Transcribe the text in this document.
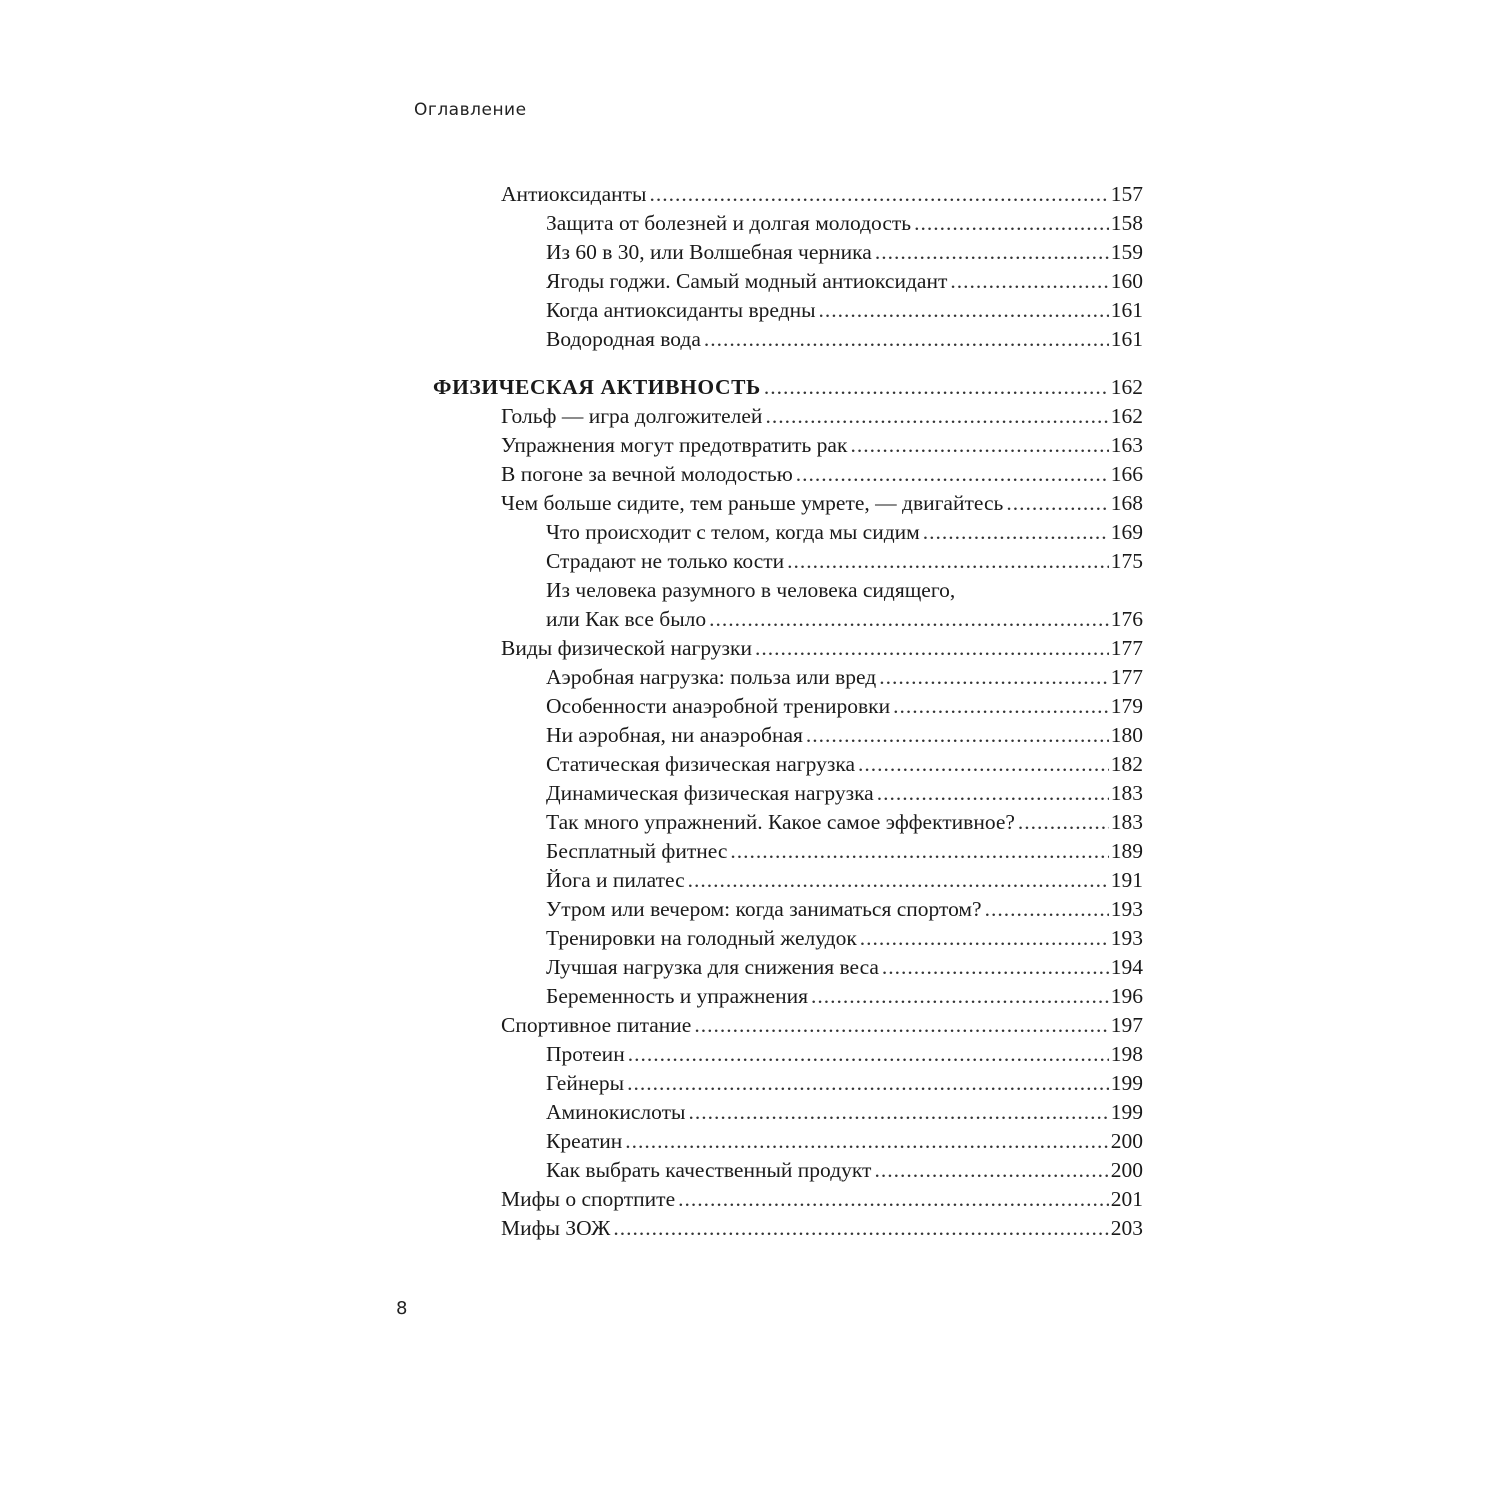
Оглавление
Антиоксиданты .....	157
Защита от болезней и долгая молодость .....	158
Из 60 в 30, или Волшебная черника .....	159
Ягоды годжи. Самый модный антиоксидант .....	160
Когда антиоксиданты вредны .....	161
Водородная вода .....	161
ФИЗИЧЕСКАЯ АКТИВНОСТЬ .....	162
Гольф — игра долгожителей .....	162
Упражнения могут предотвратить рак .....	163
В погоне за вечной молодостью .....	166
Чем больше сидите, тем раньше умрете, — двигайтесь .....	168
Что происходит с телом, когда мы сидим .....	169
Страдают не только кости .....	175
Из человека разумного в человека сидящего,
или Как все было .....	176
Виды физической нагрузки .....	177
Аэробная нагрузка: польза или вред .....	177
Особенности анаэробной тренировки .....	179
Ни аэробная, ни анаэробная .....	180
Статическая физическая нагрузка .....	182
Динамическая физическая нагрузка .....	183
Так много упражнений. Какое самое эффективное? .....	183
Бесплатный фитнес .....	189
Йога и пилатес .....	191
Утром или вечером: когда заниматься спортом? .....	193
Тренировки на голодный желудок .....	193
Лучшая нагрузка для снижения веса .....	194
Беременность и упражнения .....	196
Спортивное питание .....	197
Протеин .....	198
Гейнеры .....	199
Аминокислоты .....	199
Креатин .....	200
Как выбрать качественный продукт .....	200
Мифы о спортпите .....	201
Мифы ЗОЖ .....	203
8
